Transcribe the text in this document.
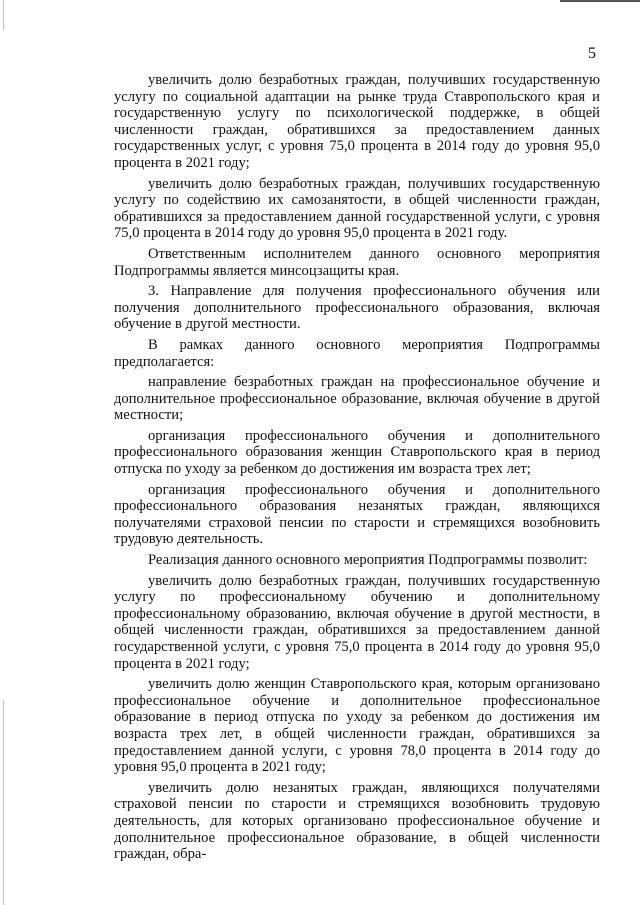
5

увеличить долю безработных граждан, получивших государственную услугу по социальной адаптации на рынке труда Ставропольского края и государственную услугу по психологической поддержке, в общей численности граждан, обратившихся за предоставлением данных государственных услуг, с уровня 75,0 процента в 2014 году до уровня 95,0 процента в 2021 году;

увеличить долю безработных граждан, получивших государственную услугу по содействию их самозанятости, в общей численности граждан, обратившихся за предоставлением данной государственной услуги, с уровня 75,0 процента в 2014 году до уровня 95,0 процента в 2021 году.

Ответственным исполнителем данного основного мероприятия Подпрограммы является минсоцзащиты края.

3. Направление для получения профессионального обучения или получения дополнительного профессионального образования, включая обучение в другой местности.

В рамках данного основного мероприятия Подпрограммы предполагается:

направление безработных граждан на профессиональное обучение и дополнительное профессиональное образование, включая обучение в другой местности;

организация профессионального обучения и дополнительного профессионального образования женщин Ставропольского края в период отпуска по уходу за ребенком до достижения им возраста трех лет;

организация профессионального обучения и дополнительного профессионального образования незанятых граждан, являющихся получателями страховой пенсии по старости и стремящихся возобновить трудовую деятельность.

Реализация данного основного мероприятия Подпрограммы позволит:

увеличить долю безработных граждан, получивших государственную услугу по профессиональному обучению и дополнительному профессиональному образованию, включая обучение в другой местности, в общей численности граждан, обратившихся за предоставлением данной государственной услуги, с уровня 75,0 процента в 2014 году до уровня 95,0 процента в 2021 году;

увеличить долю женщин Ставропольского края, которым организовано профессиональное обучение и дополнительное профессиональное образование в период отпуска по уходу за ребенком до достижения им возраста трех лет, в общей численности граждан, обратившихся за предоставлением данной услуги, с уровня 78,0 процента в 2014 году до уровня 95,0 процента в 2021 году;

увеличить долю незанятых граждан, являющихся получателями страховой пенсии по старости и стремящихся возобновить трудовую деятельность, для которых организовано профессиональное обучение и дополнительное профессиональное образование, в общей численности граждан, обра-
